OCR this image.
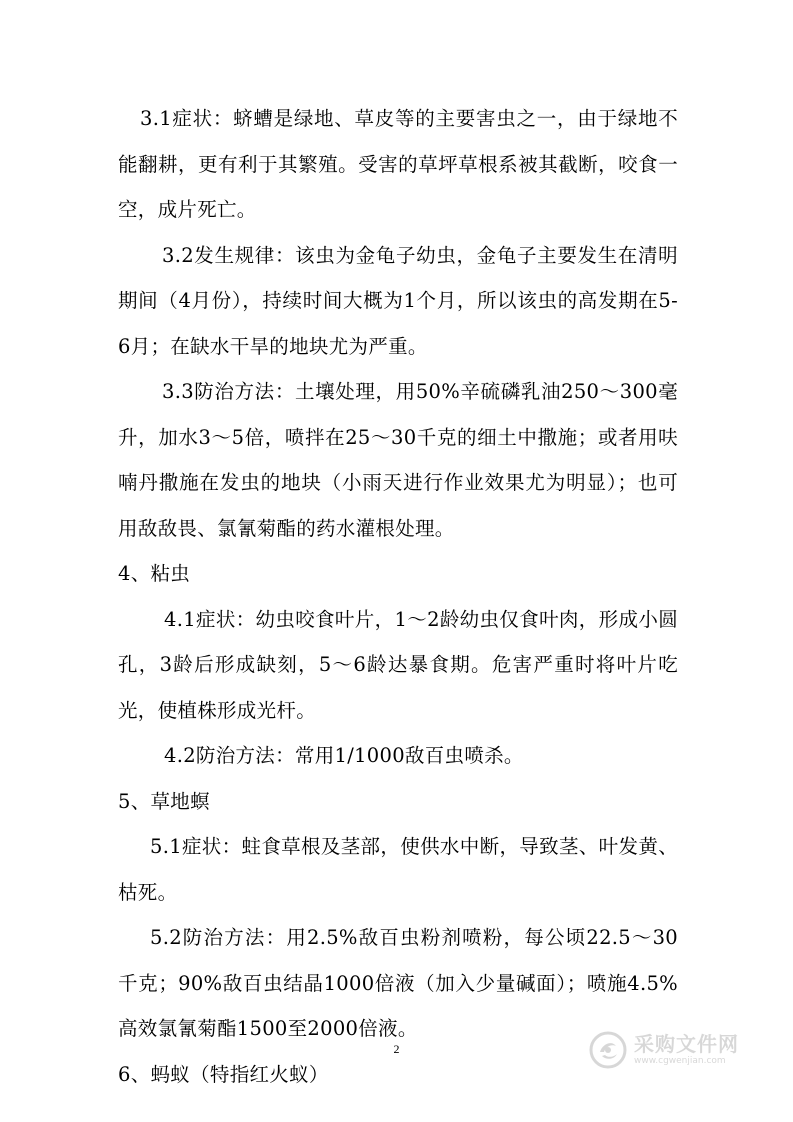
3.1症状：蛴螬是绿地、草皮等的主要害虫之一，由于绿地不能翻耕，更有利于其繁殖。受害的草坪草根系被其截断，咬食一空，成片死亡。

3.2发生规律：该虫为金龟子幼虫，金龟子主要发生在清明期间（4月份），持续时间大概为1个月，所以该虫的高发期在5-6月；在缺水干旱的地块尤为严重。

3.3防治方法：土壤处理，用50%辛硫磷乳油250～300毫升，加水3～5倍，喷拌在25～30千克的细土中撒施；或者用呋喃丹撒施在发虫的地块（小雨天进行作业效果尤为明显）；也可用敌敌畏、氯氰菊酯的药水灌根处理。

4、粘虫

4.1症状：幼虫咬食叶片，1～2龄幼虫仅食叶肉，形成小圆孔，3龄后形成缺刻，5～6龄达暴食期。危害严重时将叶片吃光，使植株形成光杆。

4.2防治方法：常用1/1000敌百虫喷杀。

5、草地螟

5.1症状：蛀食草根及茎部，使供水中断，导致茎、叶发黄、枯死。

5.2防治方法：用2.5%敌百虫粉剂喷粉，每公顷22.5～30千克；90%敌百虫结晶1000倍液（加入少量碱面）；喷施4.5%高效氯氰菊酯1500至2000倍液。

6、蚂蚁（特指红火蚁）

2	采购文件网
www.cgwenjian.com
